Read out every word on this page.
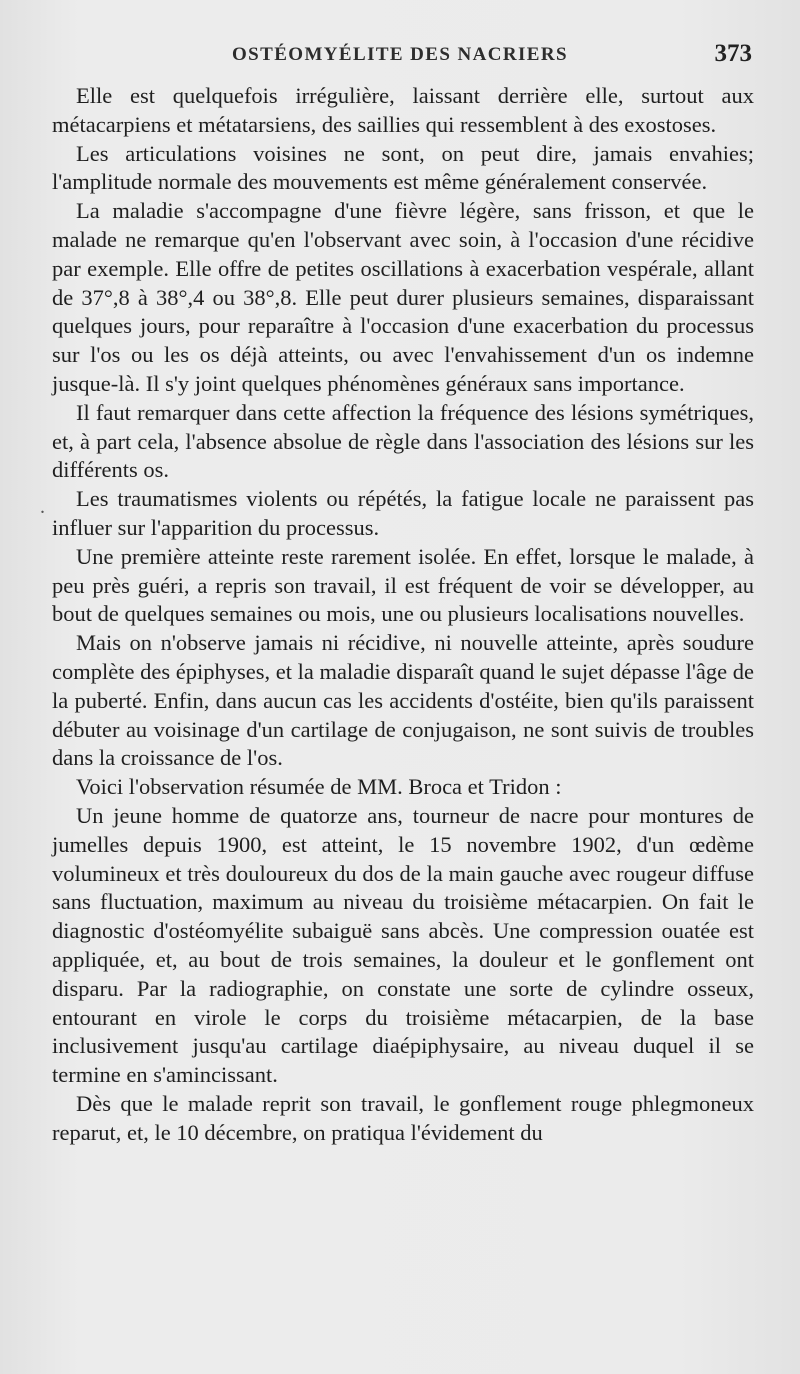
OSTÉOMYÉLITE DES NACRIERS	373
.

Elle est quelquefois irrégulière, laissant derrière elle, surtout aux métacarpiens et métatarsiens, des saillies qui ressemblent à des exostoses.

Les articulations voisines ne sont, on peut dire, jamais envahies; l'amplitude normale des mouvements est même généralement conservée.

La maladie s'accompagne d'une fièvre légère, sans frisson, et que le malade ne remarque qu'en l'observant avec soin, à l'occasion d'une récidive par exemple. Elle offre de petites oscillations à exacerbation vespérale, allant de 37°,8 à 38°,4 ou 38°,8. Elle peut durer plusieurs semaines, disparaissant quelques jours, pour reparaître à l'occasion d'une exacerbation du processus sur l'os ou les os déjà atteints, ou avec l'envahissement d'un os indemne jusque-là. Il s'y joint quelques phénomènes généraux sans importance.

Il faut remarquer dans cette affection la fréquence des lésions symétriques, et, à part cela, l'absence absolue de règle dans l'association des lésions sur les différents os.

Les traumatismes violents ou répétés, la fatigue locale ne paraissent pas influer sur l'apparition du processus.

Une première atteinte reste rarement isolée. En effet, lorsque le malade, à peu près guéri, a repris son travail, il est fréquent de voir se développer, au bout de quelques semaines ou mois, une ou plusieurs localisations nouvelles.

Mais on n'observe jamais ni récidive, ni nouvelle atteinte, après soudure complète des épiphyses, et la maladie disparaît quand le sujet dépasse l'âge de la puberté. Enfin, dans aucun cas les accidents d'ostéite, bien qu'ils paraissent débuter au voisinage d'un cartilage de conjugaison, ne sont suivis de troubles dans la croissance de l'os.

Voici l'observation résumée de MM. Broca et Tridon :

Un jeune homme de quatorze ans, tourneur de nacre pour montures de jumelles depuis 1900, est atteint, le 15 novembre 1902, d'un œdème volumineux et très douloureux du dos de la main gauche avec rougeur diffuse sans fluctuation, maximum au niveau du troisième métacarpien. On fait le diagnostic d'ostéomyélite subaiguë sans abcès. Une compression ouatée est appliquée, et, au bout de trois semaines, la douleur et le gonflement ont disparu. Par la radiographie, on constate une sorte de cylindre osseux, entourant en virole le corps du troisième métacarpien, de la base inclusivement jusqu'au cartilage diaépiphysaire, au niveau duquel il se termine en s'amincissant.

Dès que le malade reprit son travail, le gonflement rouge phlegmoneux reparut, et, le 10 décembre, on pratiqua l'évidement du
